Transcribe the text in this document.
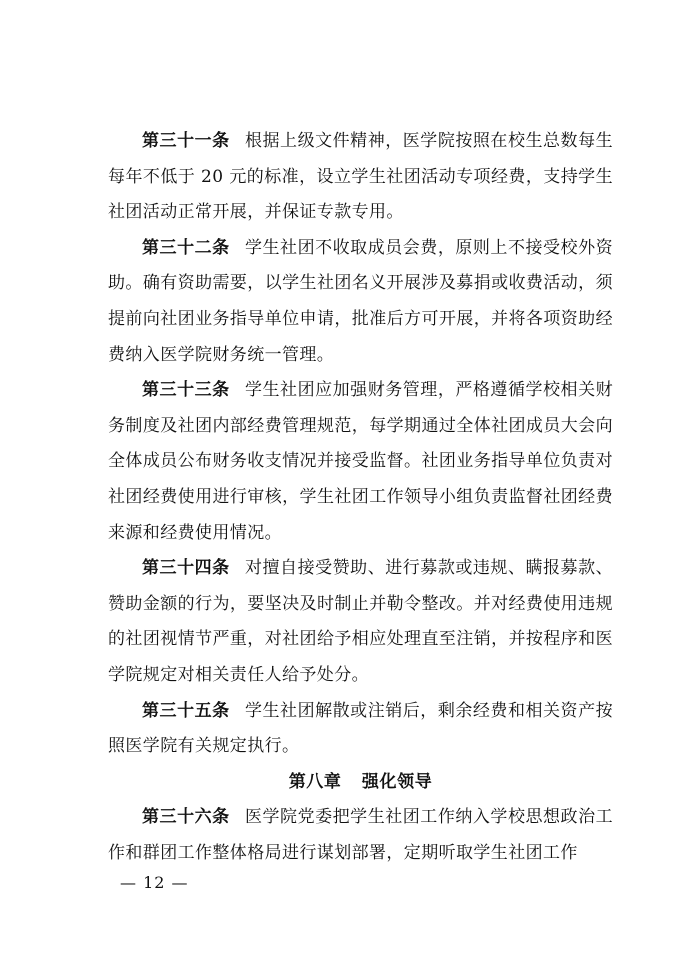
第三十一条 根据上级文件精神，医学院按照在校生总数每生每年不低于 20 元的标准，设立学生社团活动专项经费，支持学生社团活动正常开展，并保证专款专用。

第三十二条 学生社团不收取成员会费，原则上不接受校外资助。确有资助需要，以学生社团名义开展涉及募捐或收费活动，须提前向社团业务指导单位申请，批准后方可开展，并将各项资助经费纳入医学院财务统一管理。

第三十三条 学生社团应加强财务管理，严格遵循学校相关财务制度及社团内部经费管理规范，每学期通过全体社团成员大会向全体成员公布财务收支情况并接受监督。社团业务指导单位负责对社团经费使用进行审核，学生社团工作领导小组负责监督社团经费来源和经费使用情况。

第三十四条 对擅自接受赞助、进行募款或违规、瞒报募款、赞助金额的行为，要坚决及时制止并勒令整改。并对经费使用违规的社团视情节严重，对社团给予相应处理直至注销，并按程序和医学院规定对相关责任人给予处分。

第三十五条 学生社团解散或注销后，剩余经费和相关资产按照医学院有关规定执行。

第八章 强化领导

第三十六条 医学院党委把学生社团工作纳入学校思想政治工作和群团工作整体格局进行谋划部署，定期听取学生社团工作

— 12 —
